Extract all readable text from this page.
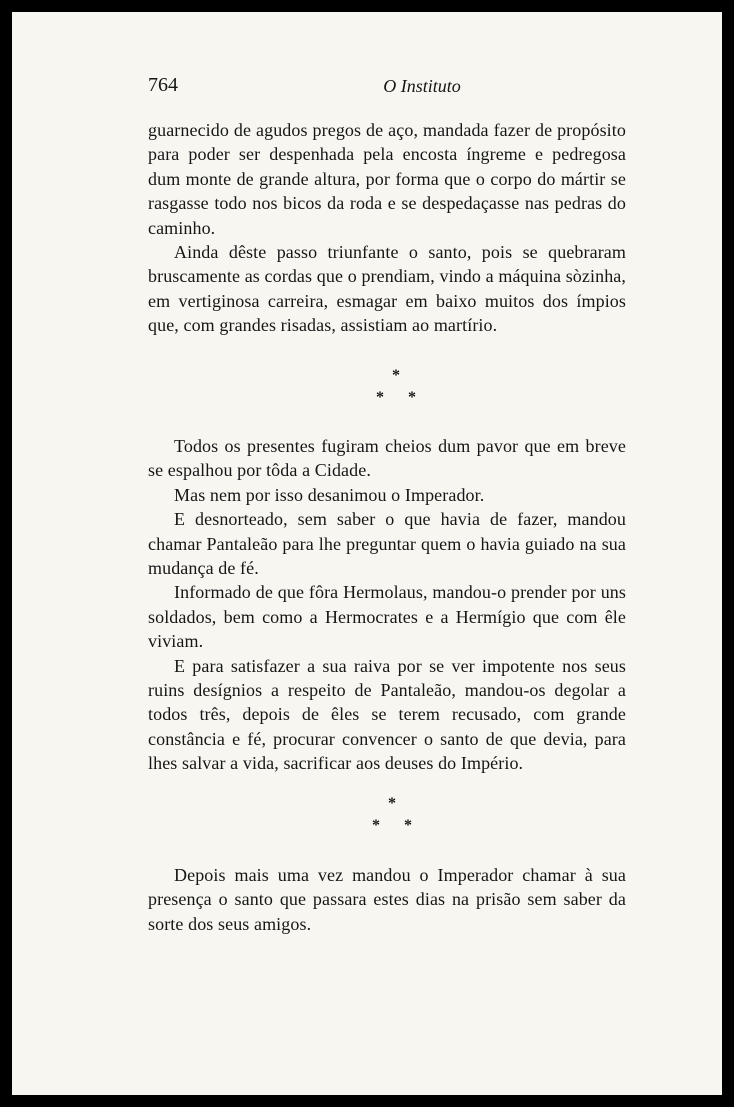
764	O Instituto

guarnecido de agudos pregos de aço, mandada fazer de propósito para poder ser despenhada pela encosta íngreme e pedregosa dum monte de grande altura, por forma que o corpo do mártir se rasgasse todo nos bicos da roda e se despedaçasse nas pedras do caminho.

Ainda dêste passo triunfante o santo, pois se quebraram bruscamente as cordas que o prendiam, vindo a máquina sòzinha, em vertiginosa carreira, esmagar em baixo muitos dos ímpios que, com grandes risadas, assistiam ao martírio.

*
* *

Todos os presentes fugiram cheios dum pavor que em breve se espalhou por tôda a Cidade.

Mas nem por isso desanimou o Imperador.

E desnorteado, sem saber o que havia de fazer, mandou chamar Pantaleão para lhe preguntar quem o havia guiado na sua mudança de fé.

Informado de que fôra Hermolaus, mandou-o prender por uns soldados, bem como a Hermocrates e a Hermígio que com êle viviam.

E para satisfazer a sua raiva por se ver impotente nos seus ruins desígnios a respeito de Pantaleão, mandou-os degolar a todos três, depois de êles se terem recusado, com grande constância e fé, procurar convencer o santo de que devia, para lhes salvar a vida, sacrificar aos deuses do Império.

*
* *

Depois mais uma vez mandou o Imperador chamar à sua presença o santo que passara estes dias na prisão sem saber da sorte dos seus amigos.
